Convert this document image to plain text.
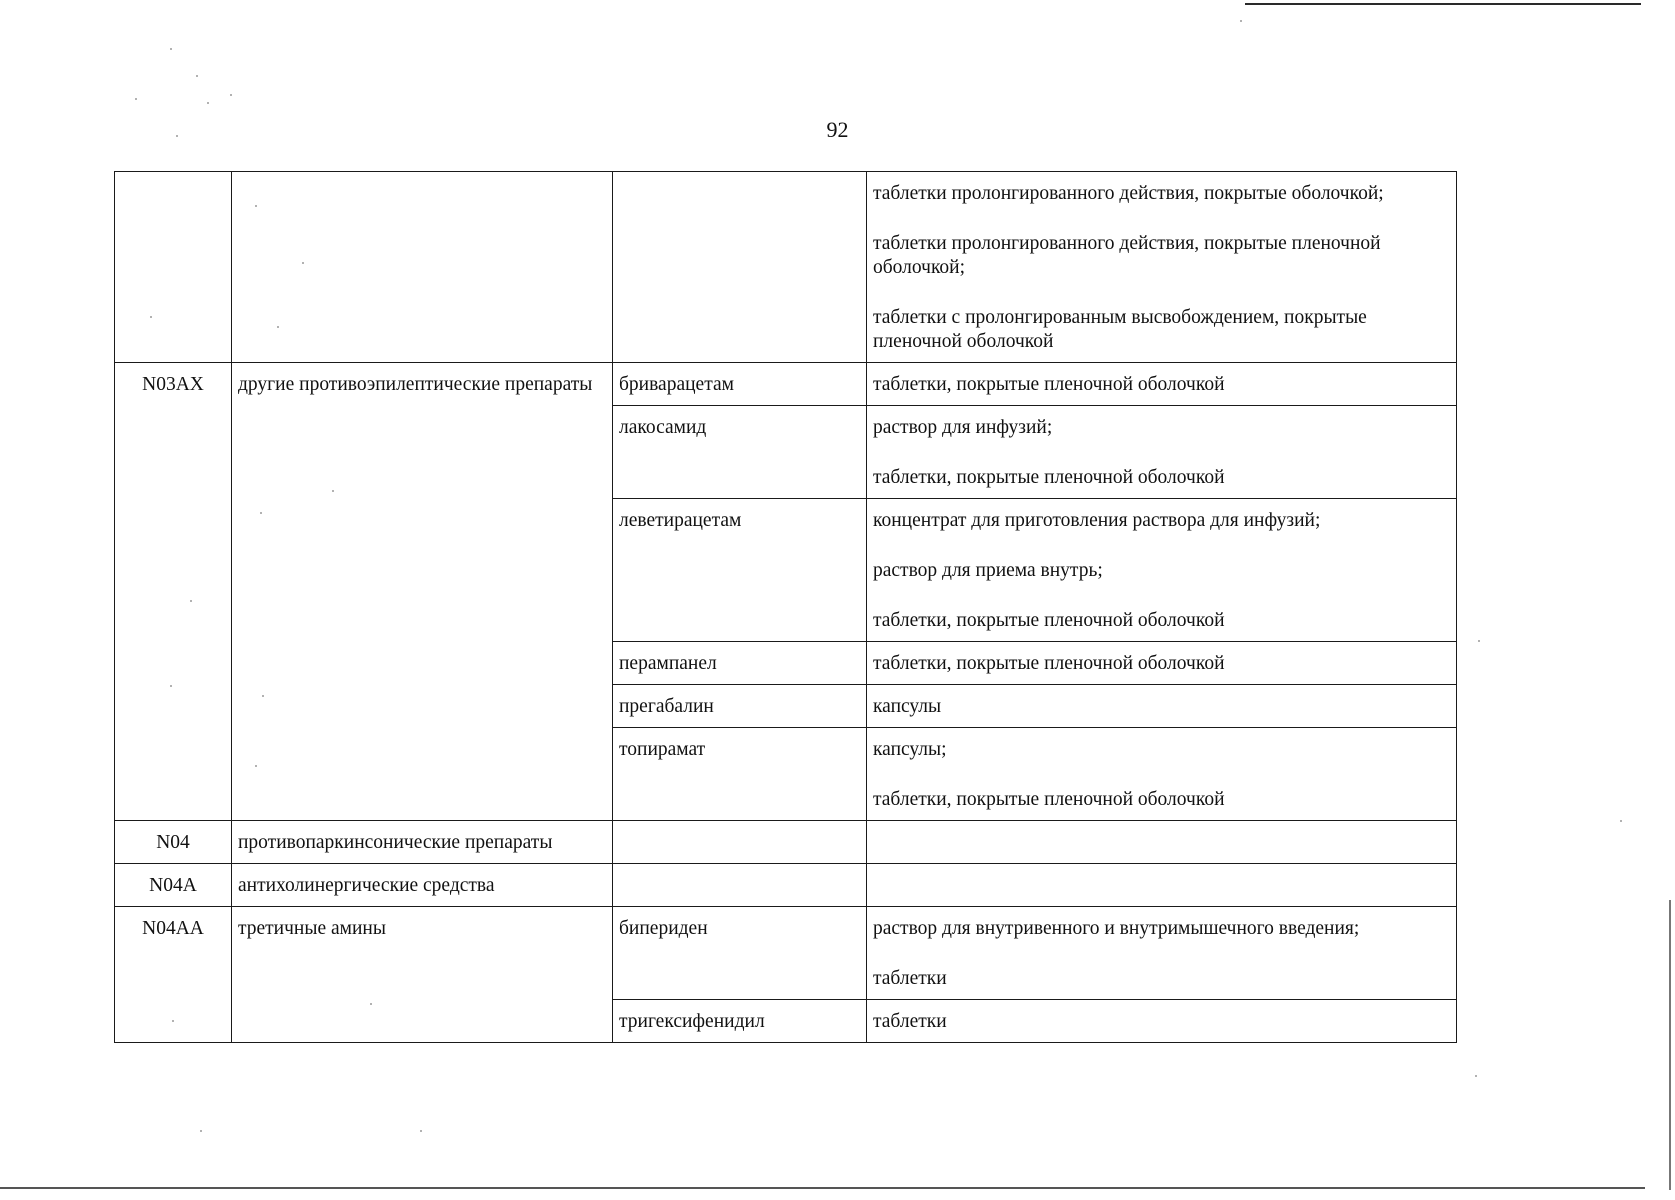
92

			таблетки пролонгированного действия, покрытые оболочкой;
таблетки пролонгированного действия, покрытые пленочной оболочкой;
таблетки с пролонгированным высвобождением, покрытые пленочной оболочкой

N03AX	другие противоэпилептические препараты	бриварацетам	таблетки, покрытые пленочной оболочкой

		лакосамид	раствор для инфузий;
таблетки, покрытые пленочной оболочкой

		леветирацетам	концентрат для приготовления раствора для инфузий;
раствор для приема внутрь;
таблетки, покрытые пленочной оболочкой

		перампанел	таблетки, покрытые пленочной оболочкой

		прегабалин	капсулы

		топирамат	капсулы;
таблетки, покрытые пленочной оболочкой

N04	противопаркинсонические препараты		
N04A	антихолинергические средства		
N04AA	третичные амины	бипериден	раствор для внутривенного и внутримышечного введения;
таблетки

		тригексифенидил	таблетки
